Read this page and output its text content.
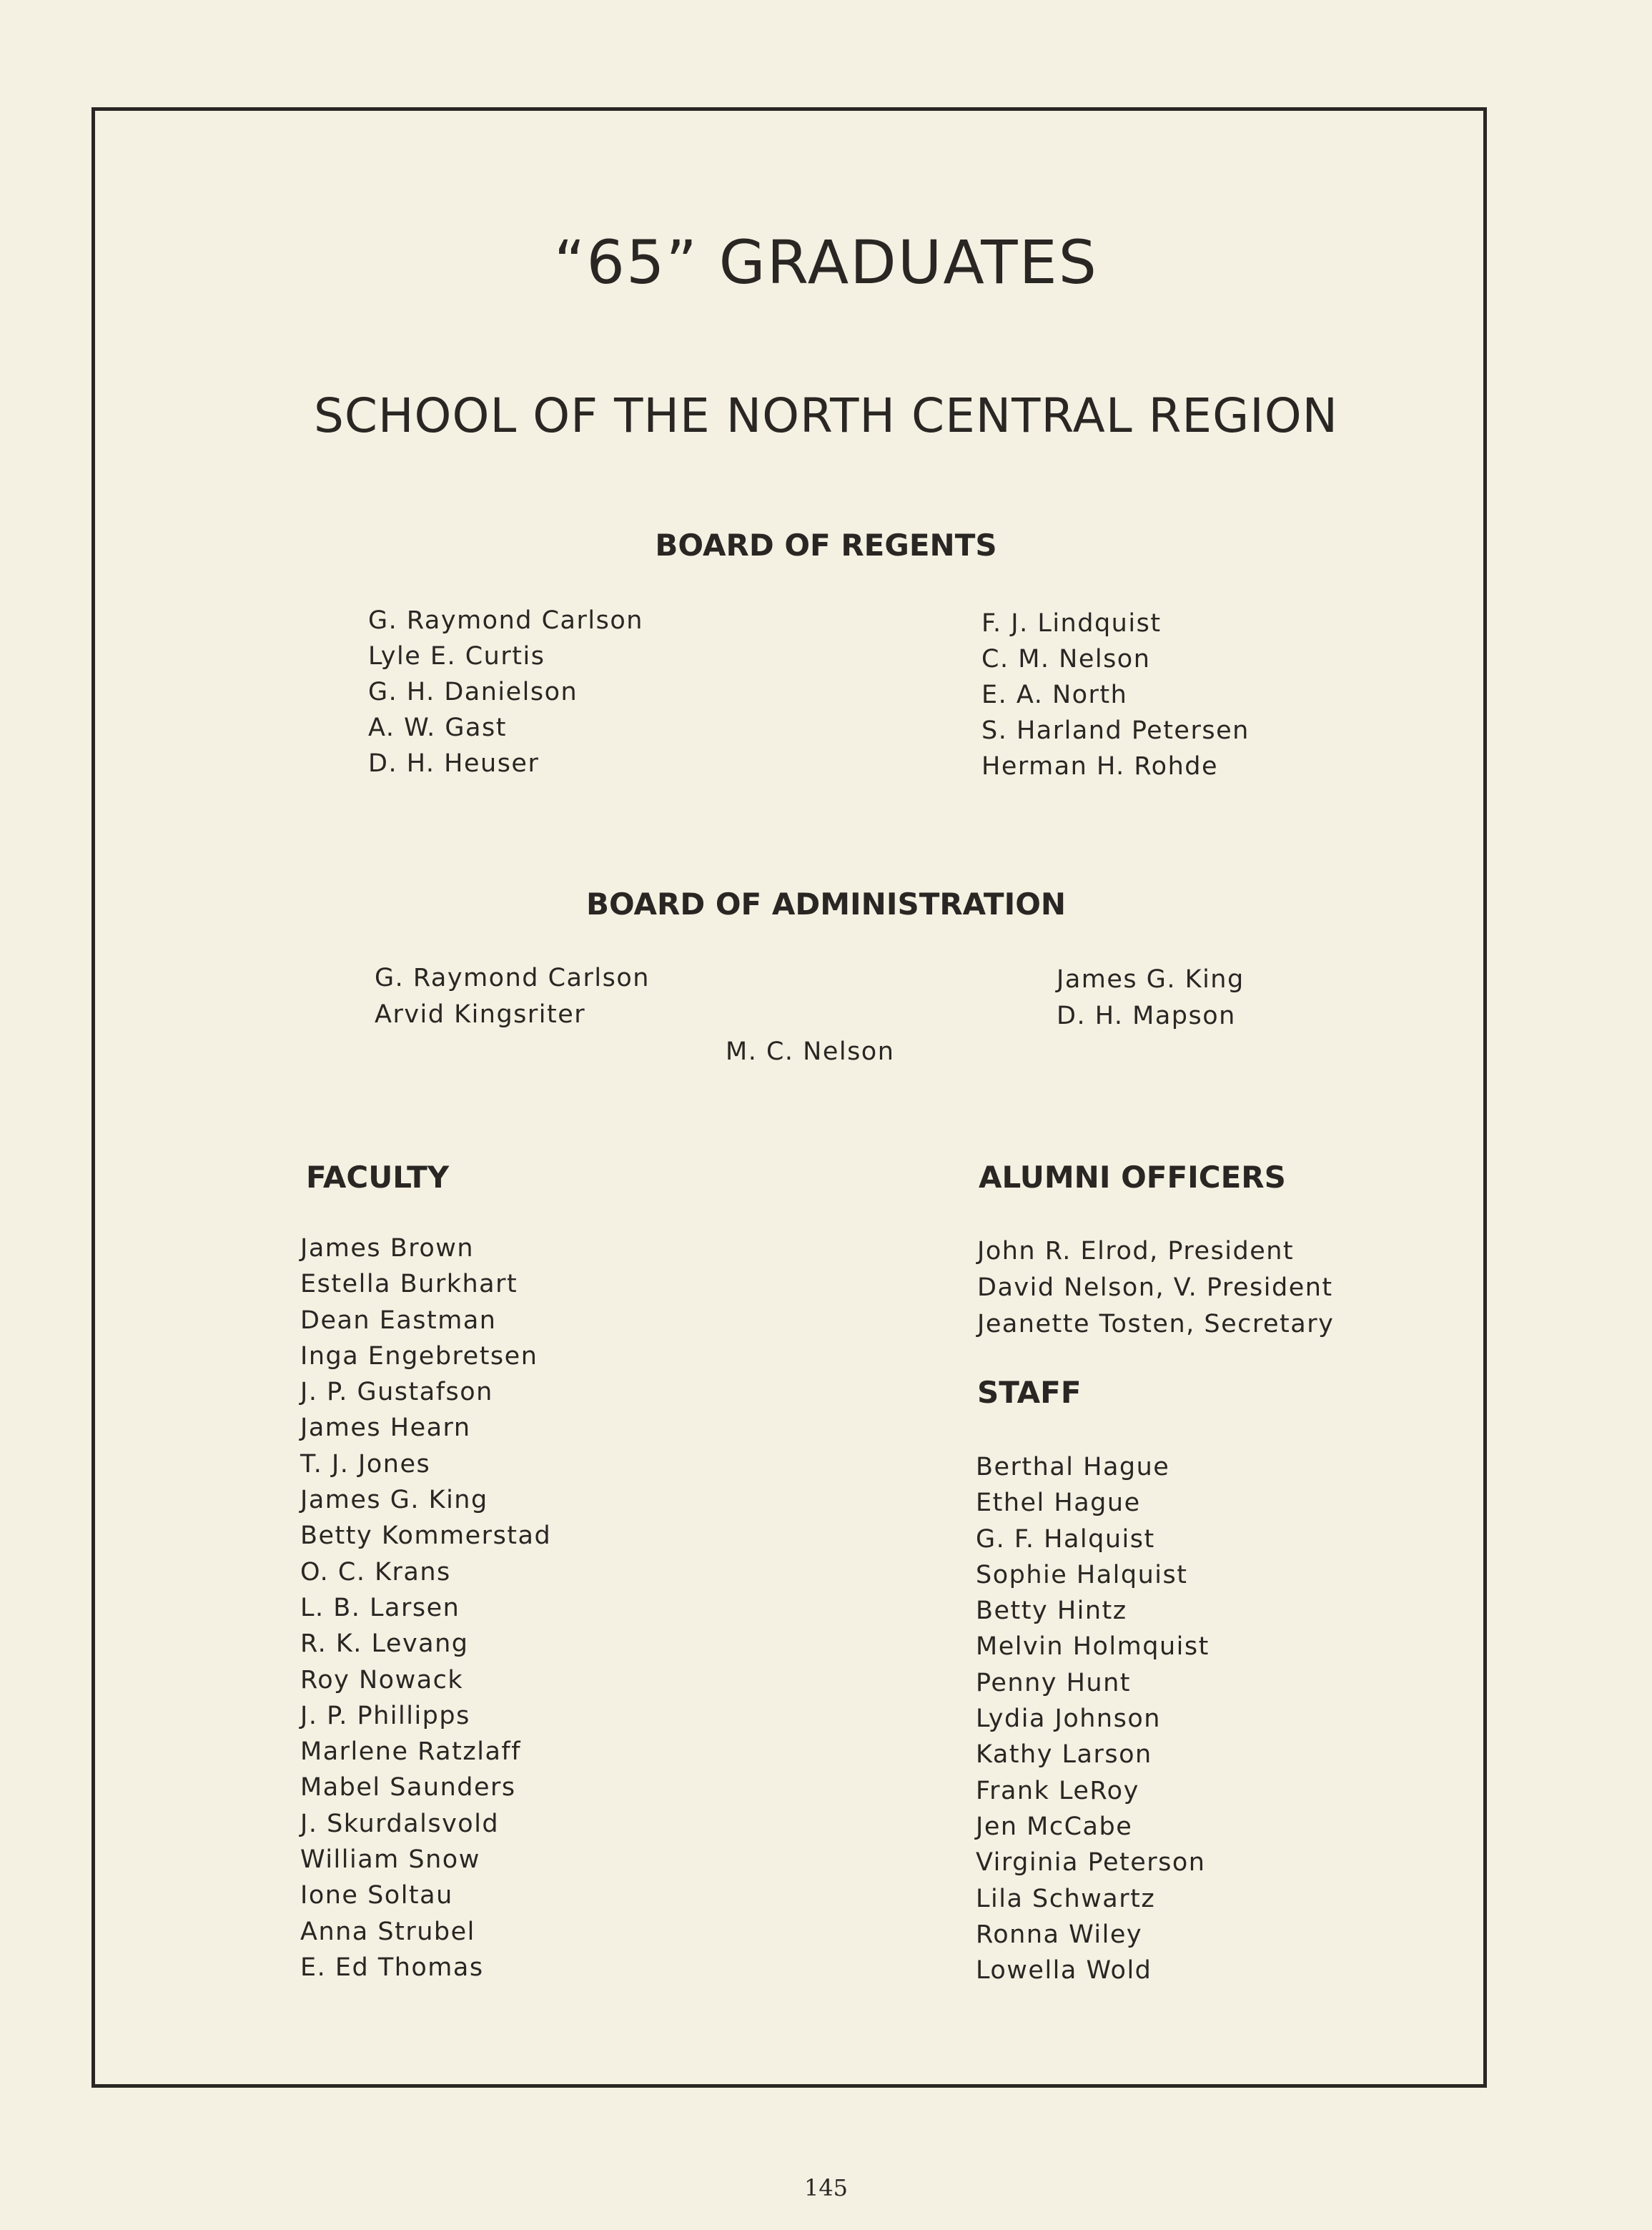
“65” GRADUATES
SCHOOL OF THE NORTH CENTRAL REGION
BOARD OF REGENTS
G. Raymond Carlson
Lyle E. Curtis
G. H. Danielson
A. W. Gast
D. H. Heuser
F. J. Lindquist
C. M. Nelson
E. A. North
S. Harland Petersen
Herman H. Rohde
BOARD OF ADMINISTRATION
G. Raymond Carlson
Arvid Kingsriter
M. C. Nelson
James G. King
D. H. Mapson
FACULTY
James Brown
Estella Burkhart
Dean Eastman
Inga Engebretsen
J. P. Gustafson
James Hearn
T. J. Jones
James G. King
Betty Kommerstad
O. C. Krans
L. B. Larsen
R. K. Levang
Roy Nowack
J. P. Phillipps
Marlene Ratzlaff
Mabel Saunders
J. Skurdalsvold
William Snow
Ione Soltau
Anna Strubel
E. Ed Thomas
ALUMNI OFFICERS
John R. Elrod, President
David Nelson, V. President
Jeanette Tosten, Secretary
STAFF
Berthal Hague
Ethel Hague
G. F. Halquist
Sophie Halquist
Betty Hintz
Melvin Holmquist
Penny Hunt
Lydia Johnson
Kathy Larson
Frank LeRoy
Jen McCabe
Virginia Peterson
Lila Schwartz
Ronna Wiley
Lowella Wold
145
